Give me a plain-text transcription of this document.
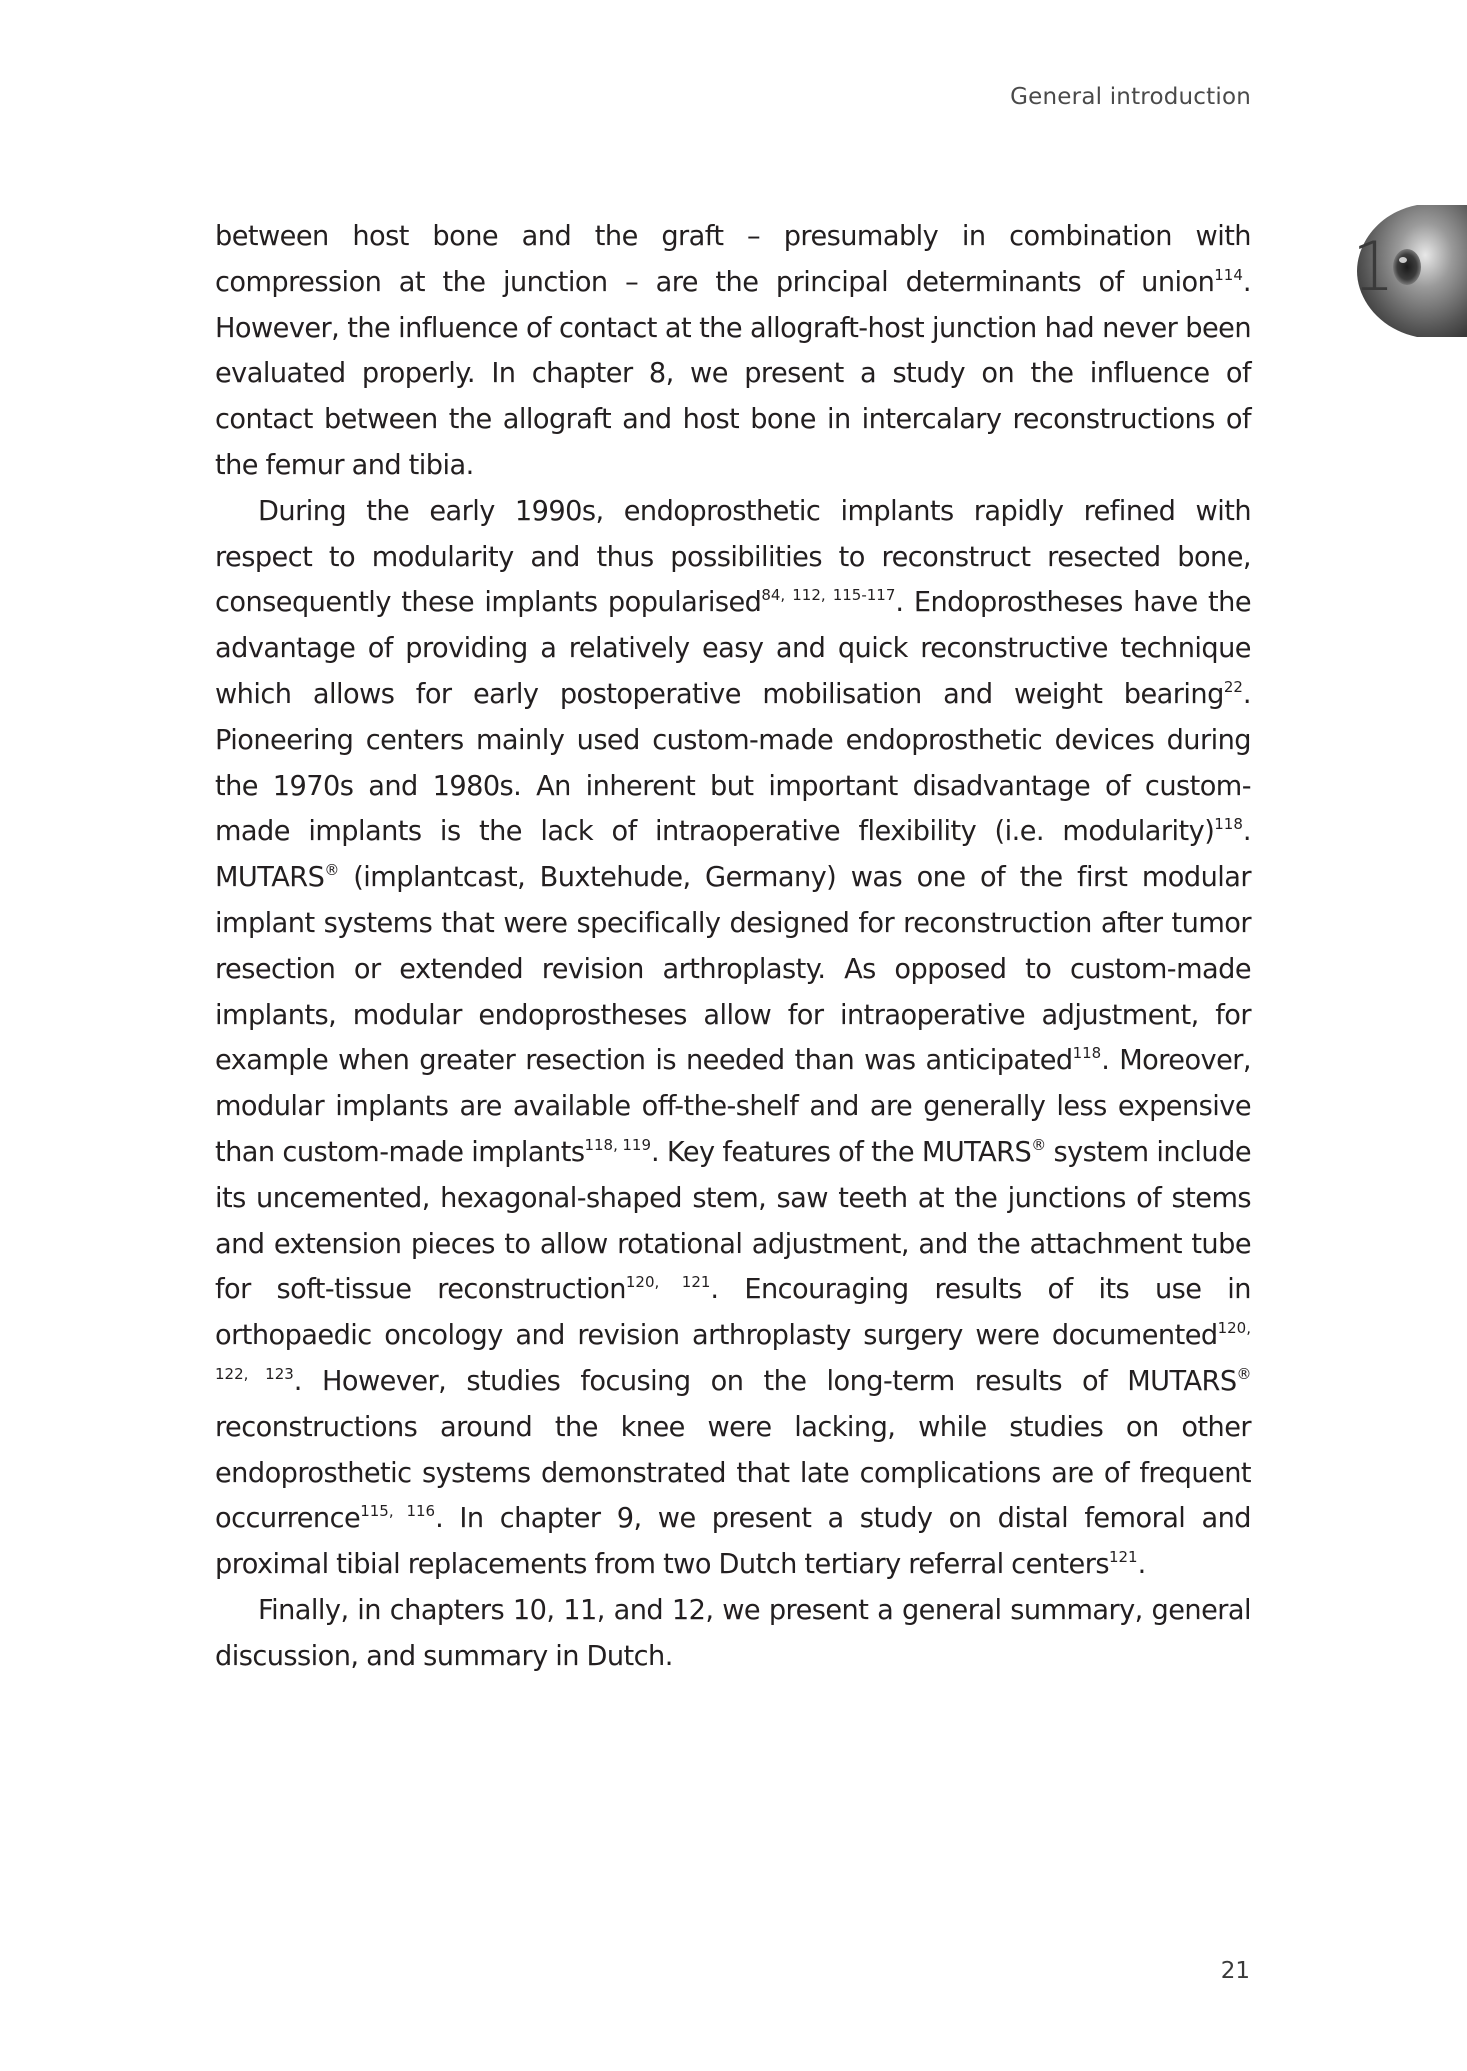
General introduction
1

between host bone and the graft – presumably in combination with compression at the junction – are the principal determinants of union$^{114}$. However, the influence of contact at the allograft-host junction had never been evaluated properly. In chapter 8, we present a study on the influence of contact between the allograft and host bone in intercalary reconstructions of the femur and tibia.

During the early 1990s, endoprosthetic implants rapidly refined with respect to modularity and thus possibilities to reconstruct resected bone, consequently these implants popularised$^{84, 112, 115-117}$. Endoprostheses have the advantage of providing a relatively easy and quick reconstructive technique which allows for early postoperative mobilisation and weight bearing$^{22}$. Pioneering centers mainly used custom-made endoprosthetic devices during the 1970s and 1980s. An inherent but important disadvantage of custom-made implants is the lack of intraoperative flexibility (i.e. modularity)$^{118}$. MUTARS® (implantcast, Buxtehude, Germany) was one of the first modular implant systems that were specifically designed for reconstruction after tumor resection or extended revision arthroplasty. As opposed to custom-made implants, modular endoprostheses allow for intraoperative adjustment, for example when greater resection is needed than was anticipated$^{118}$. Moreover, modular implants are available off-the-shelf and are generally less expensive than custom-made implants$^{118, 119}$. Key features of the MUTARS® system include its uncemented, hexagonal-shaped stem, saw teeth at the junctions of stems and extension pieces to allow rotational adjustment, and the attachment tube for soft-tissue reconstruction$^{120, 121}$. Encouraging results of its use in orthopaedic oncology and revision arthroplasty surgery were documented$^{120, 122, 123}$. However, studies focusing on the long-term results of MUTARS® reconstructions around the knee were lacking, while studies on other endoprosthetic systems demonstrated that late complications are of frequent occurrence$^{115, 116}$. In chapter 9, we present a study on distal femoral and proximal tibial replacements from two Dutch tertiary referral centers$^{121}$.

Finally, in chapters 10, 11, and 12, we present a general summary, general discussion, and summary in Dutch.

21
